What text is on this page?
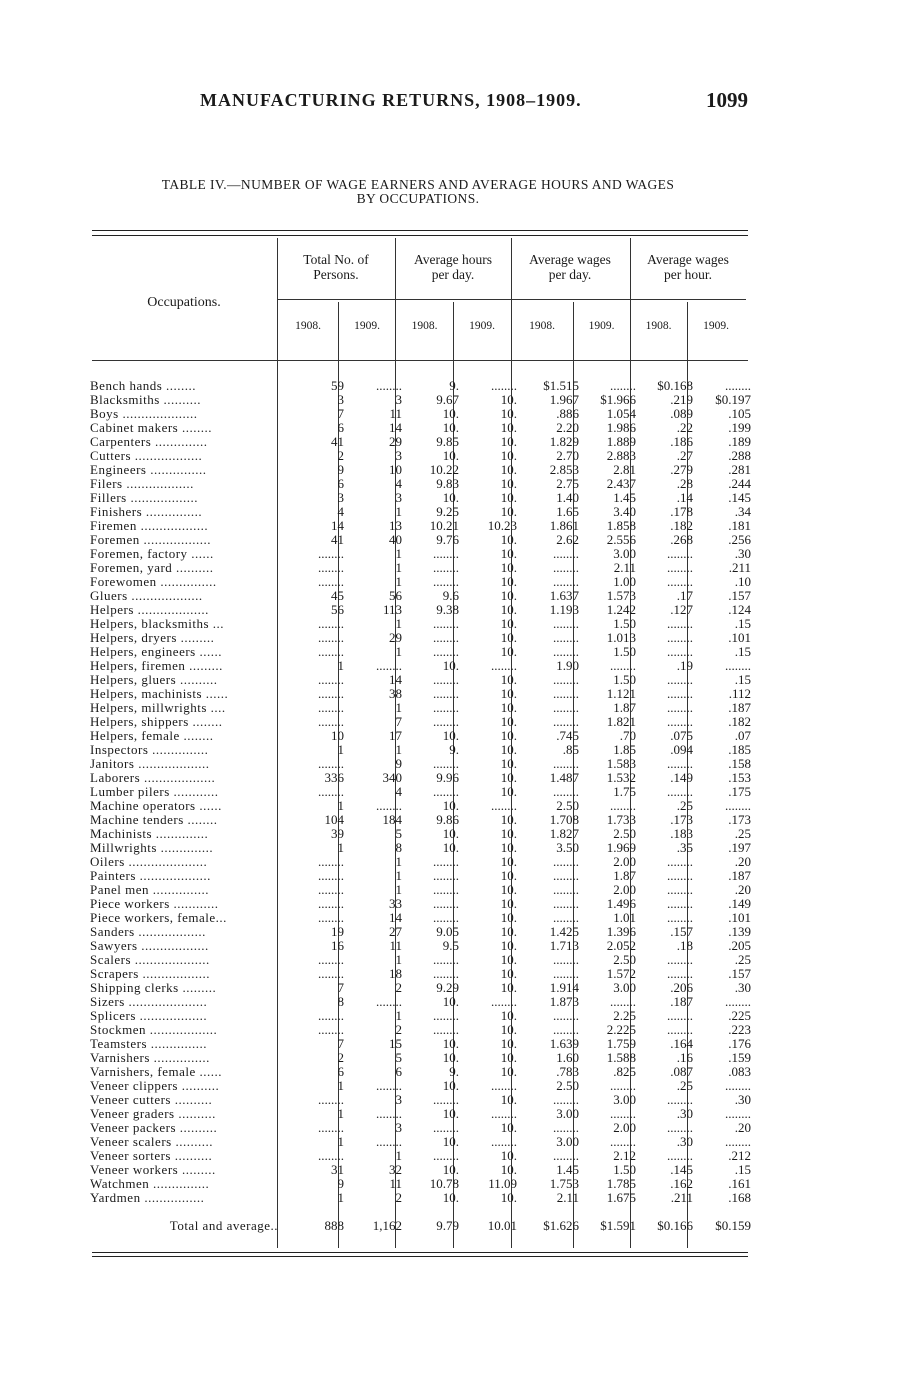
MANUFACTURING RETURNS, 1908–1909.	1099
TABLE IV.—NUMBER OF WAGE EARNERS AND AVERAGE HOURS AND WAGES
BY OCCUPATIONS.
Occupations.
Total No. of
Persons.
Average hours
per day.
Average wages
per day.
Average wages
per hour.
1908.	1909.	1908.	1909.	1908.	1909.	1908.	1909.
Bench hands ........	59	........	9.	........	$1.515	........	$0.168	........
Blacksmiths ..........	3	3	9.67	10.	1.967	$1.966	.219	$0.197
Boys ....................	7	11	10.	10.	.886	1.054	.089	.105
Cabinet makers ........	6	14	10.	10.	2.20	1.986	.22	.199
Carpenters ..............	41	29	9.85	10.	1.829	1.889	.186	.189
Cutters ..................	2	3	10.	10.	2.70	2.883	.27	.288
Engineers ...............	9	10	10.22	10.	2.853	2.81	.279	.281
Filers ..................	6	4	9.83	10.	2.75	2.437	.28	.244
Fillers ..................	3	3	10.	10.	1.40	1.45	.14	.145
Finishers ...............	4	1	9.25	10.	1.65	3.40	.178	.34
Firemen ..................	14	13	10.21	10.23	1.861	1.858	.182	.181
Foremen ..................	41	40	9.76	10.	2.62	2.556	.268	.256
Foremen, factory ......	........	1	........	10.	........	3.00	........	.30
Foremen, yard ..........	........	1	........	10.	........	2.11	........	.211
Forewomen ...............	........	1	........	10.	........	1.00	........	.10
Gluers ...................	45	56	9.6	10.	1.637	1.573	.17	.157
Helpers ...................	56	113	9.38	10.	1.193	1.242	.127	.124
Helpers, blacksmiths ...	........	1	........	10.	........	1.50	........	.15
Helpers, dryers .........	........	29	........	10.	........	1.013	........	.101
Helpers, engineers ......	........	1	........	10.	........	1.50	........	.15
Helpers, firemen .........	1	........	10.	........	1.90	........	.19	........
Helpers, gluers ..........	........	14	........	10.	........	1.50	........	.15
Helpers, machinists ......	........	38	........	10.	........	1.121	........	.112
Helpers, millwrights ....	........	1	........	10.	........	1.87	........	.187
Helpers, shippers ........	........	7	........	10.	........	1.821	........	.182
Helpers, female ........	10	17	10.	10.	.745	.70	.075	.07
Inspectors ...............	1	1	9.	10.	.85	1.85	.094	.185
Janitors ...................	........	9	........	10.	........	1.583	........	.158
Laborers ...................	336	340	9.96	10.	1.487	1.532	.149	.153
Lumber pilers ............	........	4	........	10.	........	1.75	........	.175
Machine operators ......	1	........	10.	........	2.50	........	.25	........
Machine tenders ........	104	184	9.86	10.	1.708	1.733	.173	.173
Machinists ..............	39	5	10.	10.	1.827	2.50	.183	.25
Millwrights ..............	1	8	10.	10.	3.50	1.969	.35	.197
Oilers .....................	........	1	........	10.	........	2.00	........	.20
Painters ...................	........	1	........	10.	........	1.87	........	.187
Panel men ...............	........	1	........	10.	........	2.00	........	.20
Piece workers ............	........	33	........	10.	........	1.496	........	.149
Piece workers, female...	........	14	........	10.	........	1.01	........	.101
Sanders ..................	19	27	9.05	10.	1.425	1.396	.157	.139
Sawyers ..................	16	11	9.5	10.	1.713	2.052	.18	.205
Scalers ....................	........	1	........	10.	........	2.50	........	.25
Scrapers ..................	........	18	........	10.	........	1.572	........	.157
Shipping clerks .........	7	2	9.29	10.	1.914	3.00	.206	.30
Sizers .....................	8	........	10.	........	1.873	........	.187	........
Splicers ..................	........	1	........	10.	........	2.25	........	.225
Stockmen ..................	........	2	........	10.	........	2.225	........	.223
Teamsters ...............	7	15	10.	10.	1.639	1.759	.164	.176
Varnishers ...............	2	5	10.	10.	1.60	1.588	.16	.159
Varnishers, female ......	6	6	9.	10.	.783	.825	.087	.083
Veneer clippers ..........	1	........	10.	........	2.50	........	.25	........
Veneer cutters ..........	........	3	........	10.	........	3.00	........	.30
Veneer graders ..........	1	........	10.	........	3.00	........	.30	........
Veneer packers ..........	........	3	........	10.	........	2.00	........	.20
Veneer scalers ..........	1	........	10.	........	3.00	........	.30	........
Veneer sorters ..........	........	1	........	10.	........	2.12	........	.212
Veneer workers .........	31	32	10.	10.	1.45	1.50	.145	.15
Watchmen ...............	9	11	10.78	11.09	1.753	1.785	.162	.161
Yardmen ................	1	2	10.	10.	2.11	1.675	.211	.168
Total and average..	888	1,162	9.79	10.01	$1.626	$1.591	$0.166	$0.159
